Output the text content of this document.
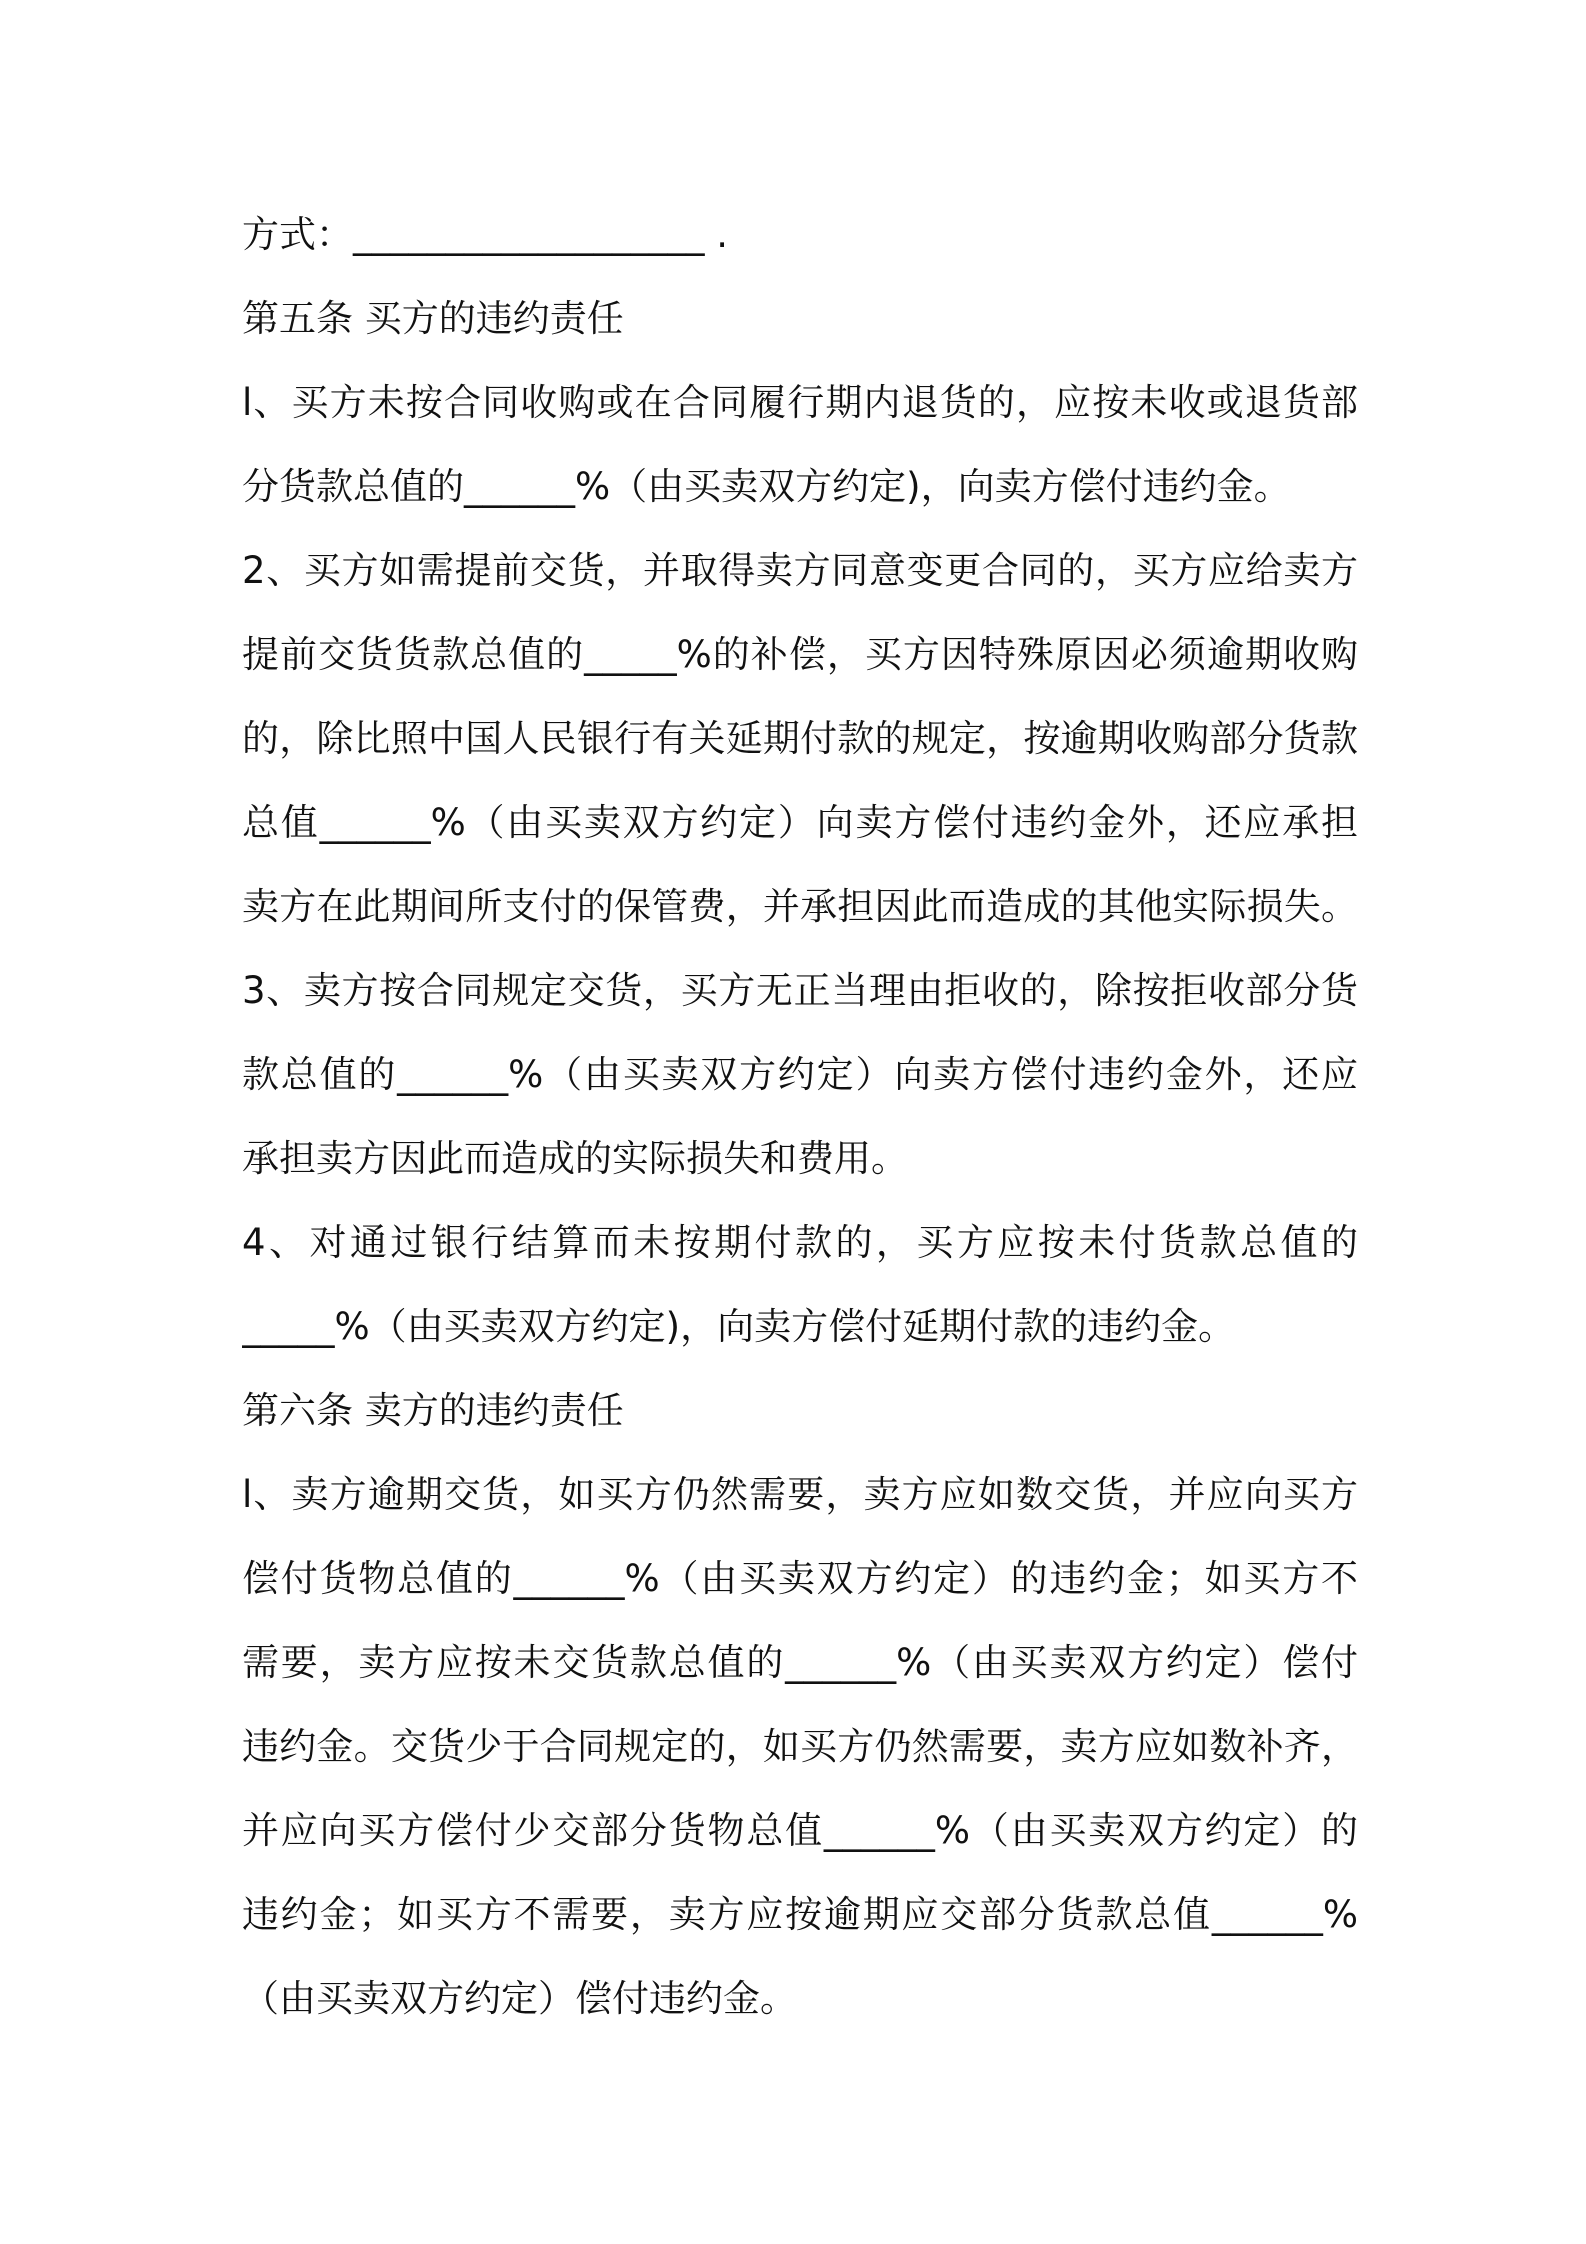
方式：___________________ .
第五条 买方的违约责任
l、买方未按合同收购或在合同履行期内退货的，应按未收或退货部
分货款总值的______%（由买卖双方约定)，向卖方偿付违约金。
2、买方如需提前交货，并取得卖方同意变更合同的，买方应给卖方
提前交货货款总值的_____%的补偿，买方因特殊原因必须逾期收购
的，除比照中国人民银行有关延期付款的规定，按逾期收购部分货款
总值______%（由买卖双方约定）向卖方偿付违约金外，还应承担
卖方在此期间所支付的保管费，并承担因此而造成的其他实际损失。
3、卖方按合同规定交货，买方无正当理由拒收的，除按拒收部分货
款总值的______%（由买卖双方约定）向卖方偿付违约金外，还应
承担卖方因此而造成的实际损失和费用。
4、对通过银行结算而未按期付款的，买方应按未付货款总值的
_____%（由买卖双方约定)，向卖方偿付延期付款的违约金。
第六条 卖方的违约责任
l、卖方逾期交货，如买方仍然需要，卖方应如数交货，并应向买方
偿付货物总值的______%（由买卖双方约定）的违约金；如买方不
需要，卖方应按未交货款总值的______%（由买卖双方约定）偿付
违约金。交货少于合同规定的，如买方仍然需要，卖方应如数补齐，
并应向买方偿付少交部分货物总值______%（由买卖双方约定）的
违约金；如买方不需要，卖方应按逾期应交部分货款总值______%
（由买卖双方约定）偿付违约金。
